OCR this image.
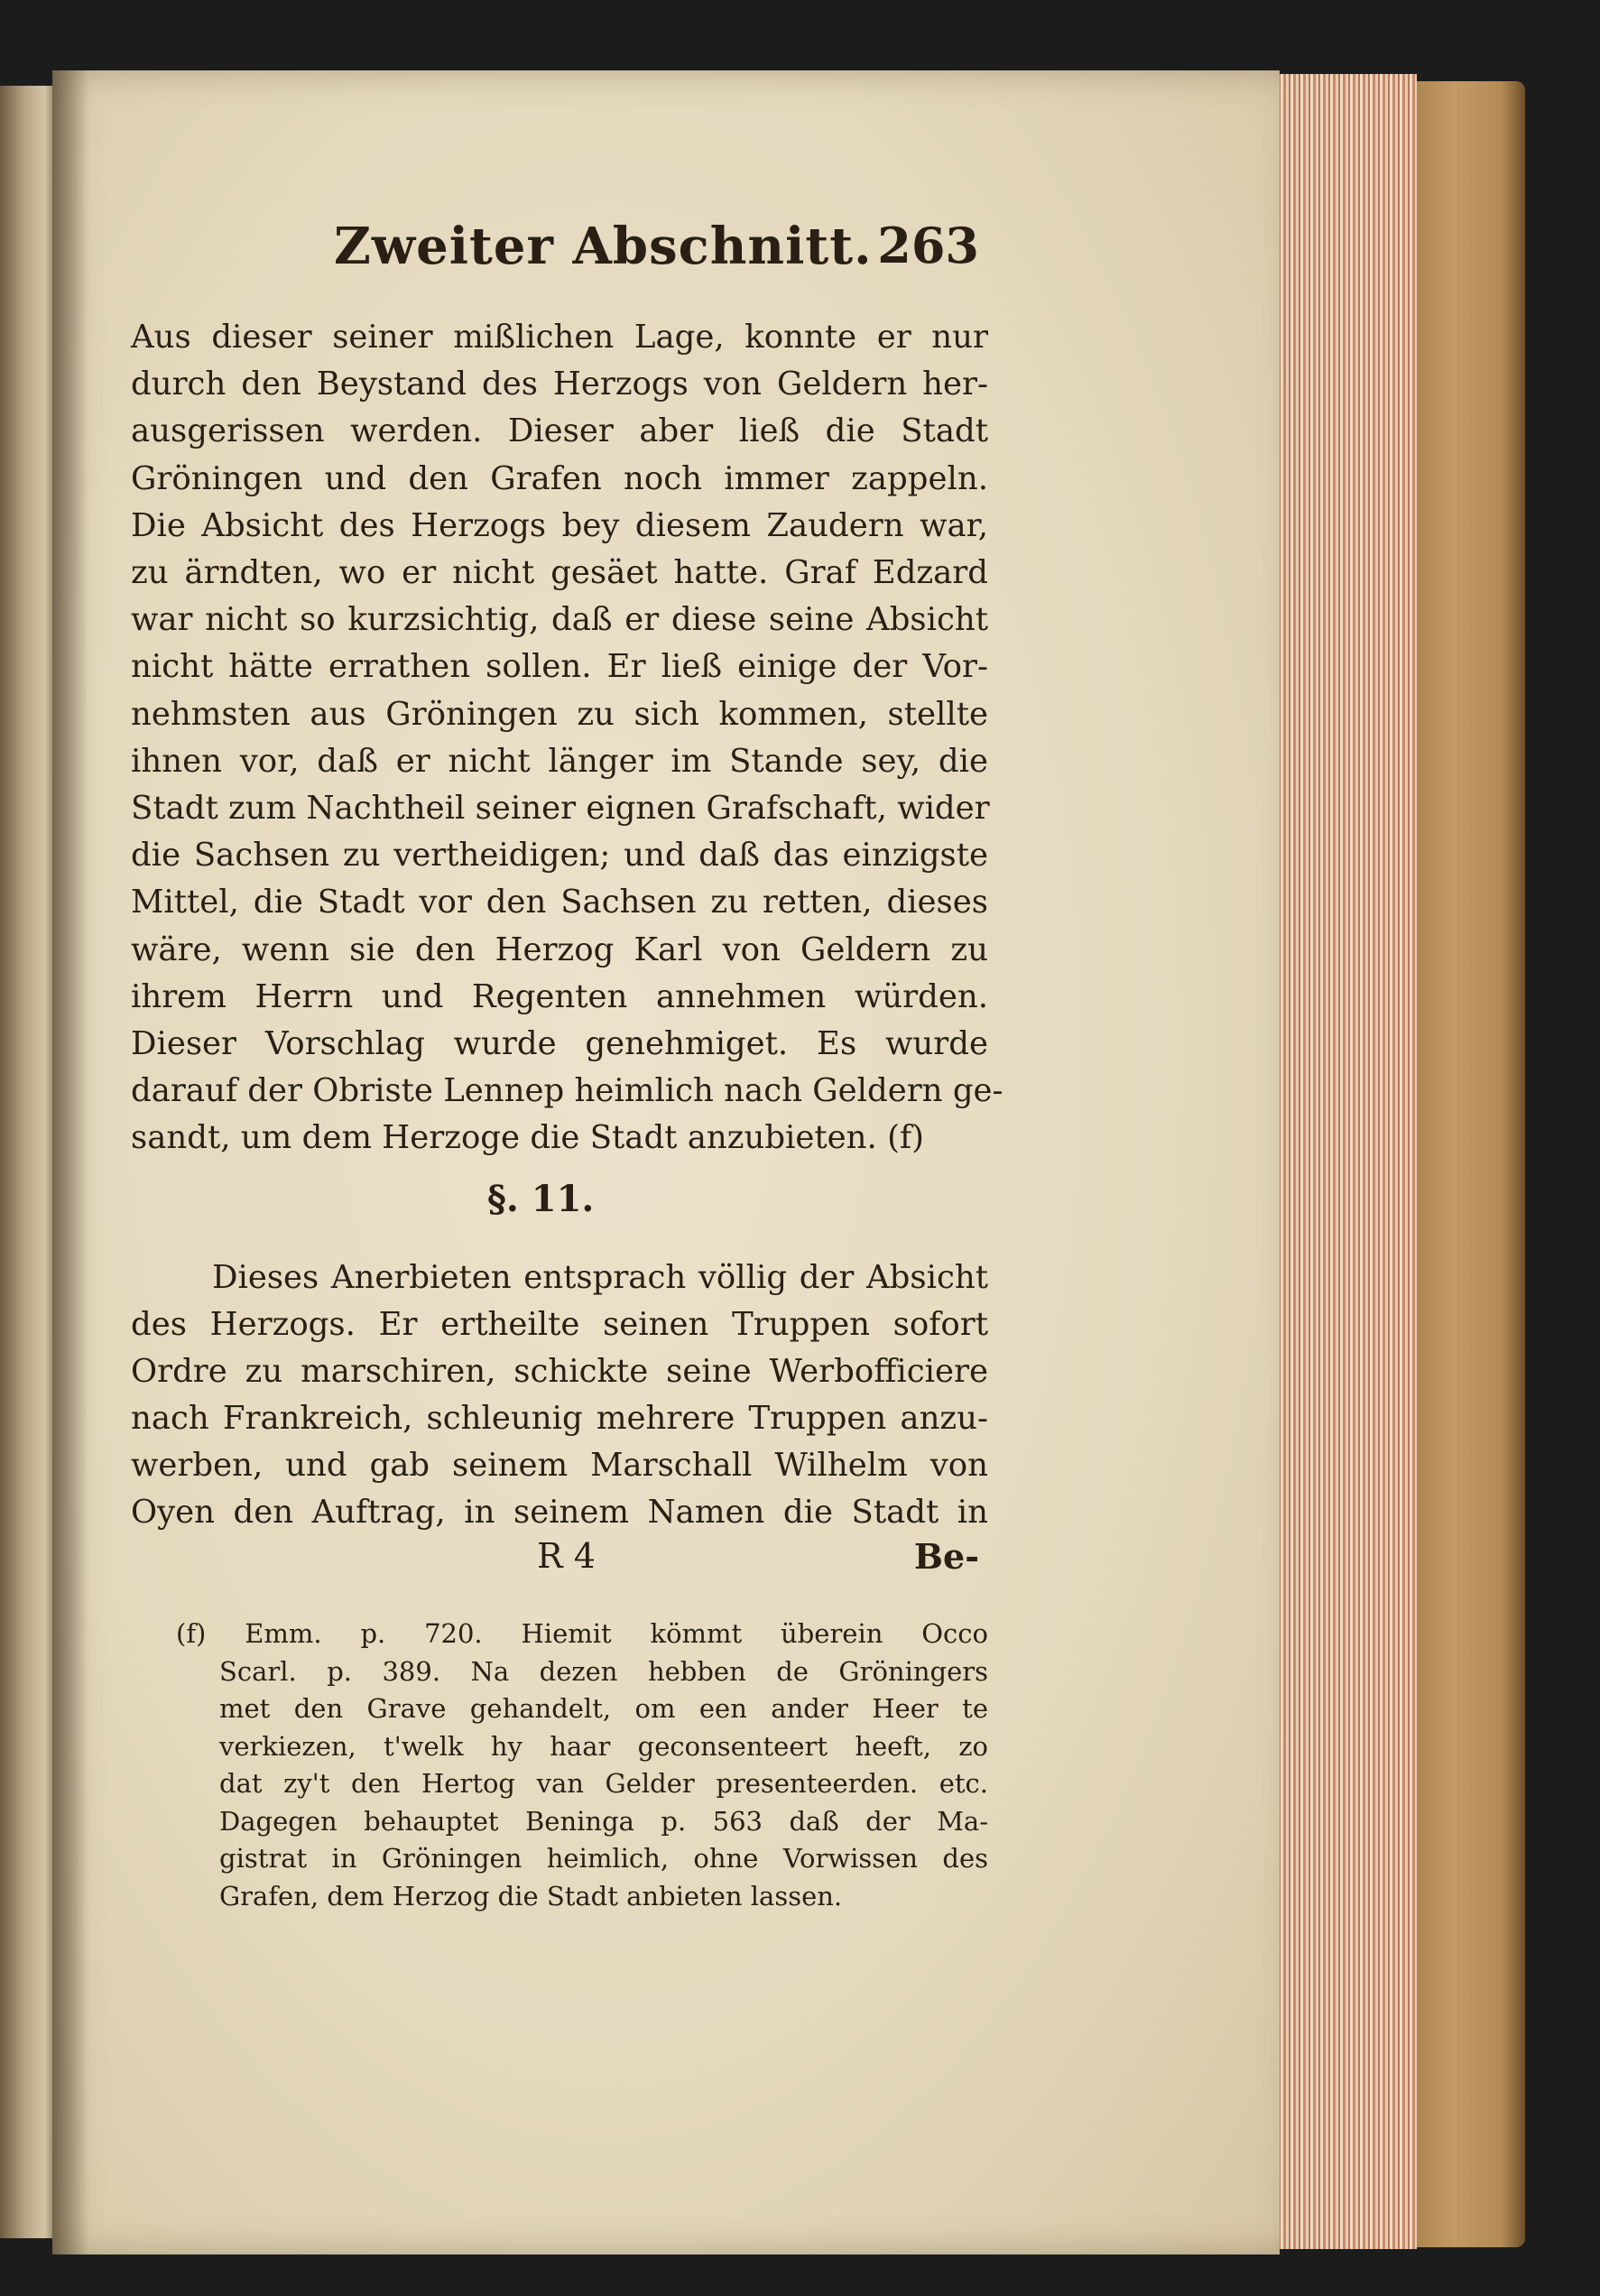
Zweiter Abschnitt. 263
Aus dieser seiner mißlichen Lage, konnte er nur
durch den Beystand des Herzogs von Geldern her-
ausgerissen werden. Dieser aber ließ die Stadt
Gröningen und den Grafen noch immer zappeln.
Die Absicht des Herzogs bey diesem Zaudern war,
zu ärndten, wo er nicht gesäet hatte. Graf Edzard
war nicht so kurzsichtig, daß er diese seine Absicht
nicht hätte errathen sollen. Er ließ einige der Vor-
nehmsten aus Gröningen zu sich kommen, stellte
ihnen vor, daß er nicht länger im Stande sey, die
Stadt zum Nachtheil seiner eignen Grafschaft, wider
die Sachsen zu vertheidigen; und daß das einzigste
Mittel, die Stadt vor den Sachsen zu retten, dieses
wäre, wenn sie den Herzog Karl von Geldern zu
ihrem Herrn und Regenten annehmen würden.
Dieser Vorschlag wurde genehmiget. Es wurde
darauf der Obriste Lennep heimlich nach Geldern ge-
sandt, um dem Herzoge die Stadt anzubieten. (f)
§. 11.
Dieses Anerbieten entsprach völlig der Absicht
des Herzogs. Er ertheilte seinen Truppen sofort
Ordre zu marschiren, schickte seine Werbofficiere
nach Frankreich, schleunig mehrere Truppen anzu-
werben, und gab seinem Marschall Wilhelm von
Oyen den Auftrag, in seinem Namen die Stadt in
R 4	Be-
(f) Emm. p. 720. Hiemit kömmt überein Occo
Scarl. p. 389. Na dezen hebben de Gröningers
met den Grave gehandelt, om een ander Heer te
verkiezen, t'welk hy haar geconsenteert heeft, zo
dat zy't den Hertog van Gelder presenteerden. etc.
Dagegen behauptet Beninga p. 563 daß der Ma-
gistrat in Gröningen heimlich, ohne Vorwissen des
Grafen, dem Herzog die Stadt anbieten lassen.
